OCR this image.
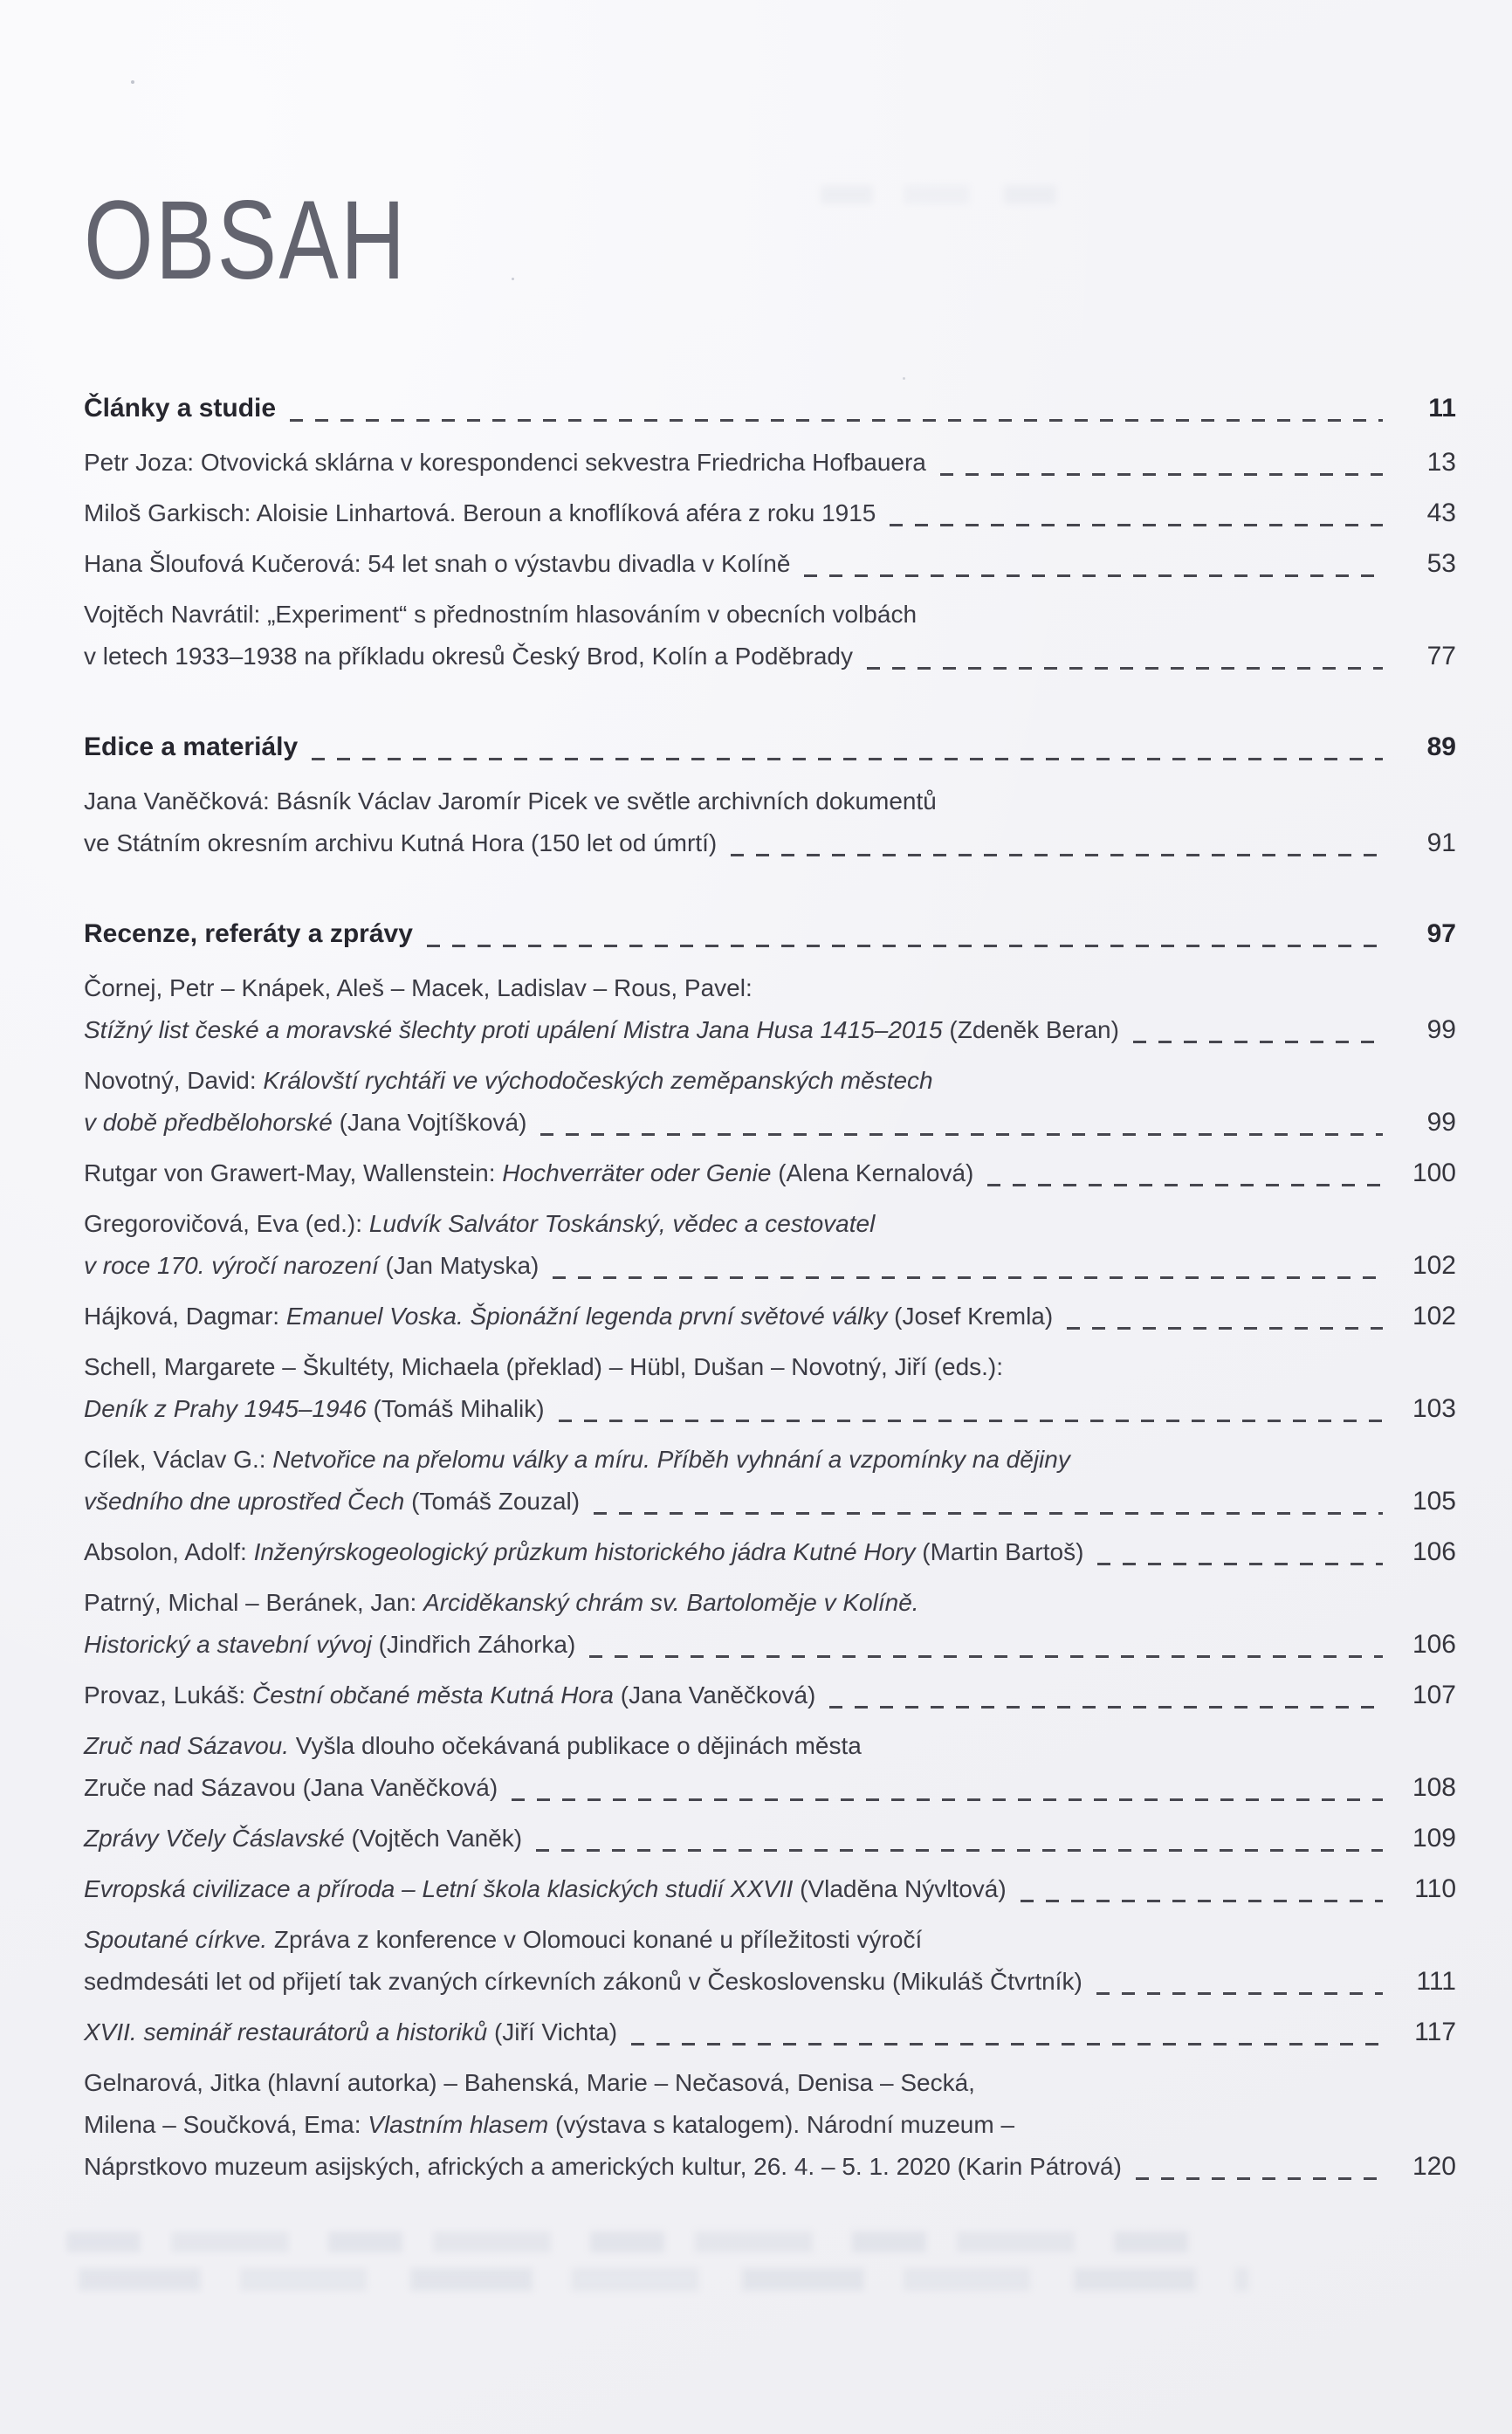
OBSAH
Články a studie	11
Petr Joza: Otvovická sklárna v korespondenci sekvestra Friedricha Hofbauera	13
Miloš Garkisch: Aloisie Linhartová. Beroun a knoflíková aféra z roku 1915	43
Hana Šloufová Kučerová: 54 let snah o výstavbu divadla v Kolíně	53
Vojtěch Navrátil: „Experiment“ s přednostním hlasováním v obecních volbách
v letech 1933–1938 na příkladu okresů Český Brod, Kolín a Poděbrady	77
Edice a materiály	89
Jana Vaněčková: Básník Václav Jaromír Picek ve světle archivních dokumentů
ve Státním okresním archivu Kutná Hora (150 let od úmrtí)	91
Recenze, referáty a zprávy	97
Čornej, Petr – Knápek, Aleš – Macek, Ladislav – Rous, Pavel:
Stížný list české a moravské šlechty proti upálení Mistra Jana Husa 1415–2015 (Zdeněk Beran)	99
Novotný, David: Královští rychtáři ve východočeských zeměpanských městech
v době předbělohorské (Jana Vojtíšková)	99
Rutgar von Grawert-May, Wallenstein: Hochverräter oder Genie (Alena Kernalová)	100
Gregorovičová, Eva (ed.): Ludvík Salvátor Toskánský, vědec a cestovatel
v roce 170. výročí narození (Jan Matyska)	102
Hájková, Dagmar: Emanuel Voska. Špionážní legenda první světové války (Josef Kremla)	102
Schell, Margarete – Škultéty, Michaela (překlad) – Hübl, Dušan – Novotný, Jiří (eds.):
Deník z Prahy 1945–1946 (Tomáš Mihalik)	103
Cílek, Václav G.: Netvořice na přelomu války a míru. Příběh vyhnání a vzpomínky na dějiny
všedního dne uprostřed Čech (Tomáš Zouzal)	105
Absolon, Adolf: Inženýrskogeologický průzkum historického jádra Kutné Hory (Martin Bartoš)	106
Patrný, Michal – Beránek, Jan: Arciděkanský chrám sv. Bartoloměje v Kolíně.
Historický a stavební vývoj (Jindřich Záhorka)	106
Provaz, Lukáš: Čestní občané města Kutná Hora (Jana Vaněčková)	107
Zruč nad Sázavou. Vyšla dlouho očekávaná publikace o dějinách města
Zruče nad Sázavou (Jana Vaněčková)	108
Zprávy Včely Čáslavské (Vojtěch Vaněk)	109
Evropská civilizace a příroda – Letní škola klasických studií XXVII (Vladěna Nývltová)	110
Spoutané církve. Zpráva z konference v Olomouci konané u příležitosti výročí
sedmdesáti let od přijetí tak zvaných církevních zákonů v Československu (Mikuláš Čtvrtník)	111
XVII. seminář restaurátorů a historiků (Jiří Vichta)	117
Gelnarová, Jitka (hlavní autorka) – Bahenská, Marie – Nečasová, Denisa – Secká,
Milena – Součková, Ema: Vlastním hlasem (výstava s katalogem). Národní muzeum –
Náprstkovo muzeum asijských, afrických a amerických kultur, 26. 4. – 5. 1. 2020 (Karin Pátrová)	120
